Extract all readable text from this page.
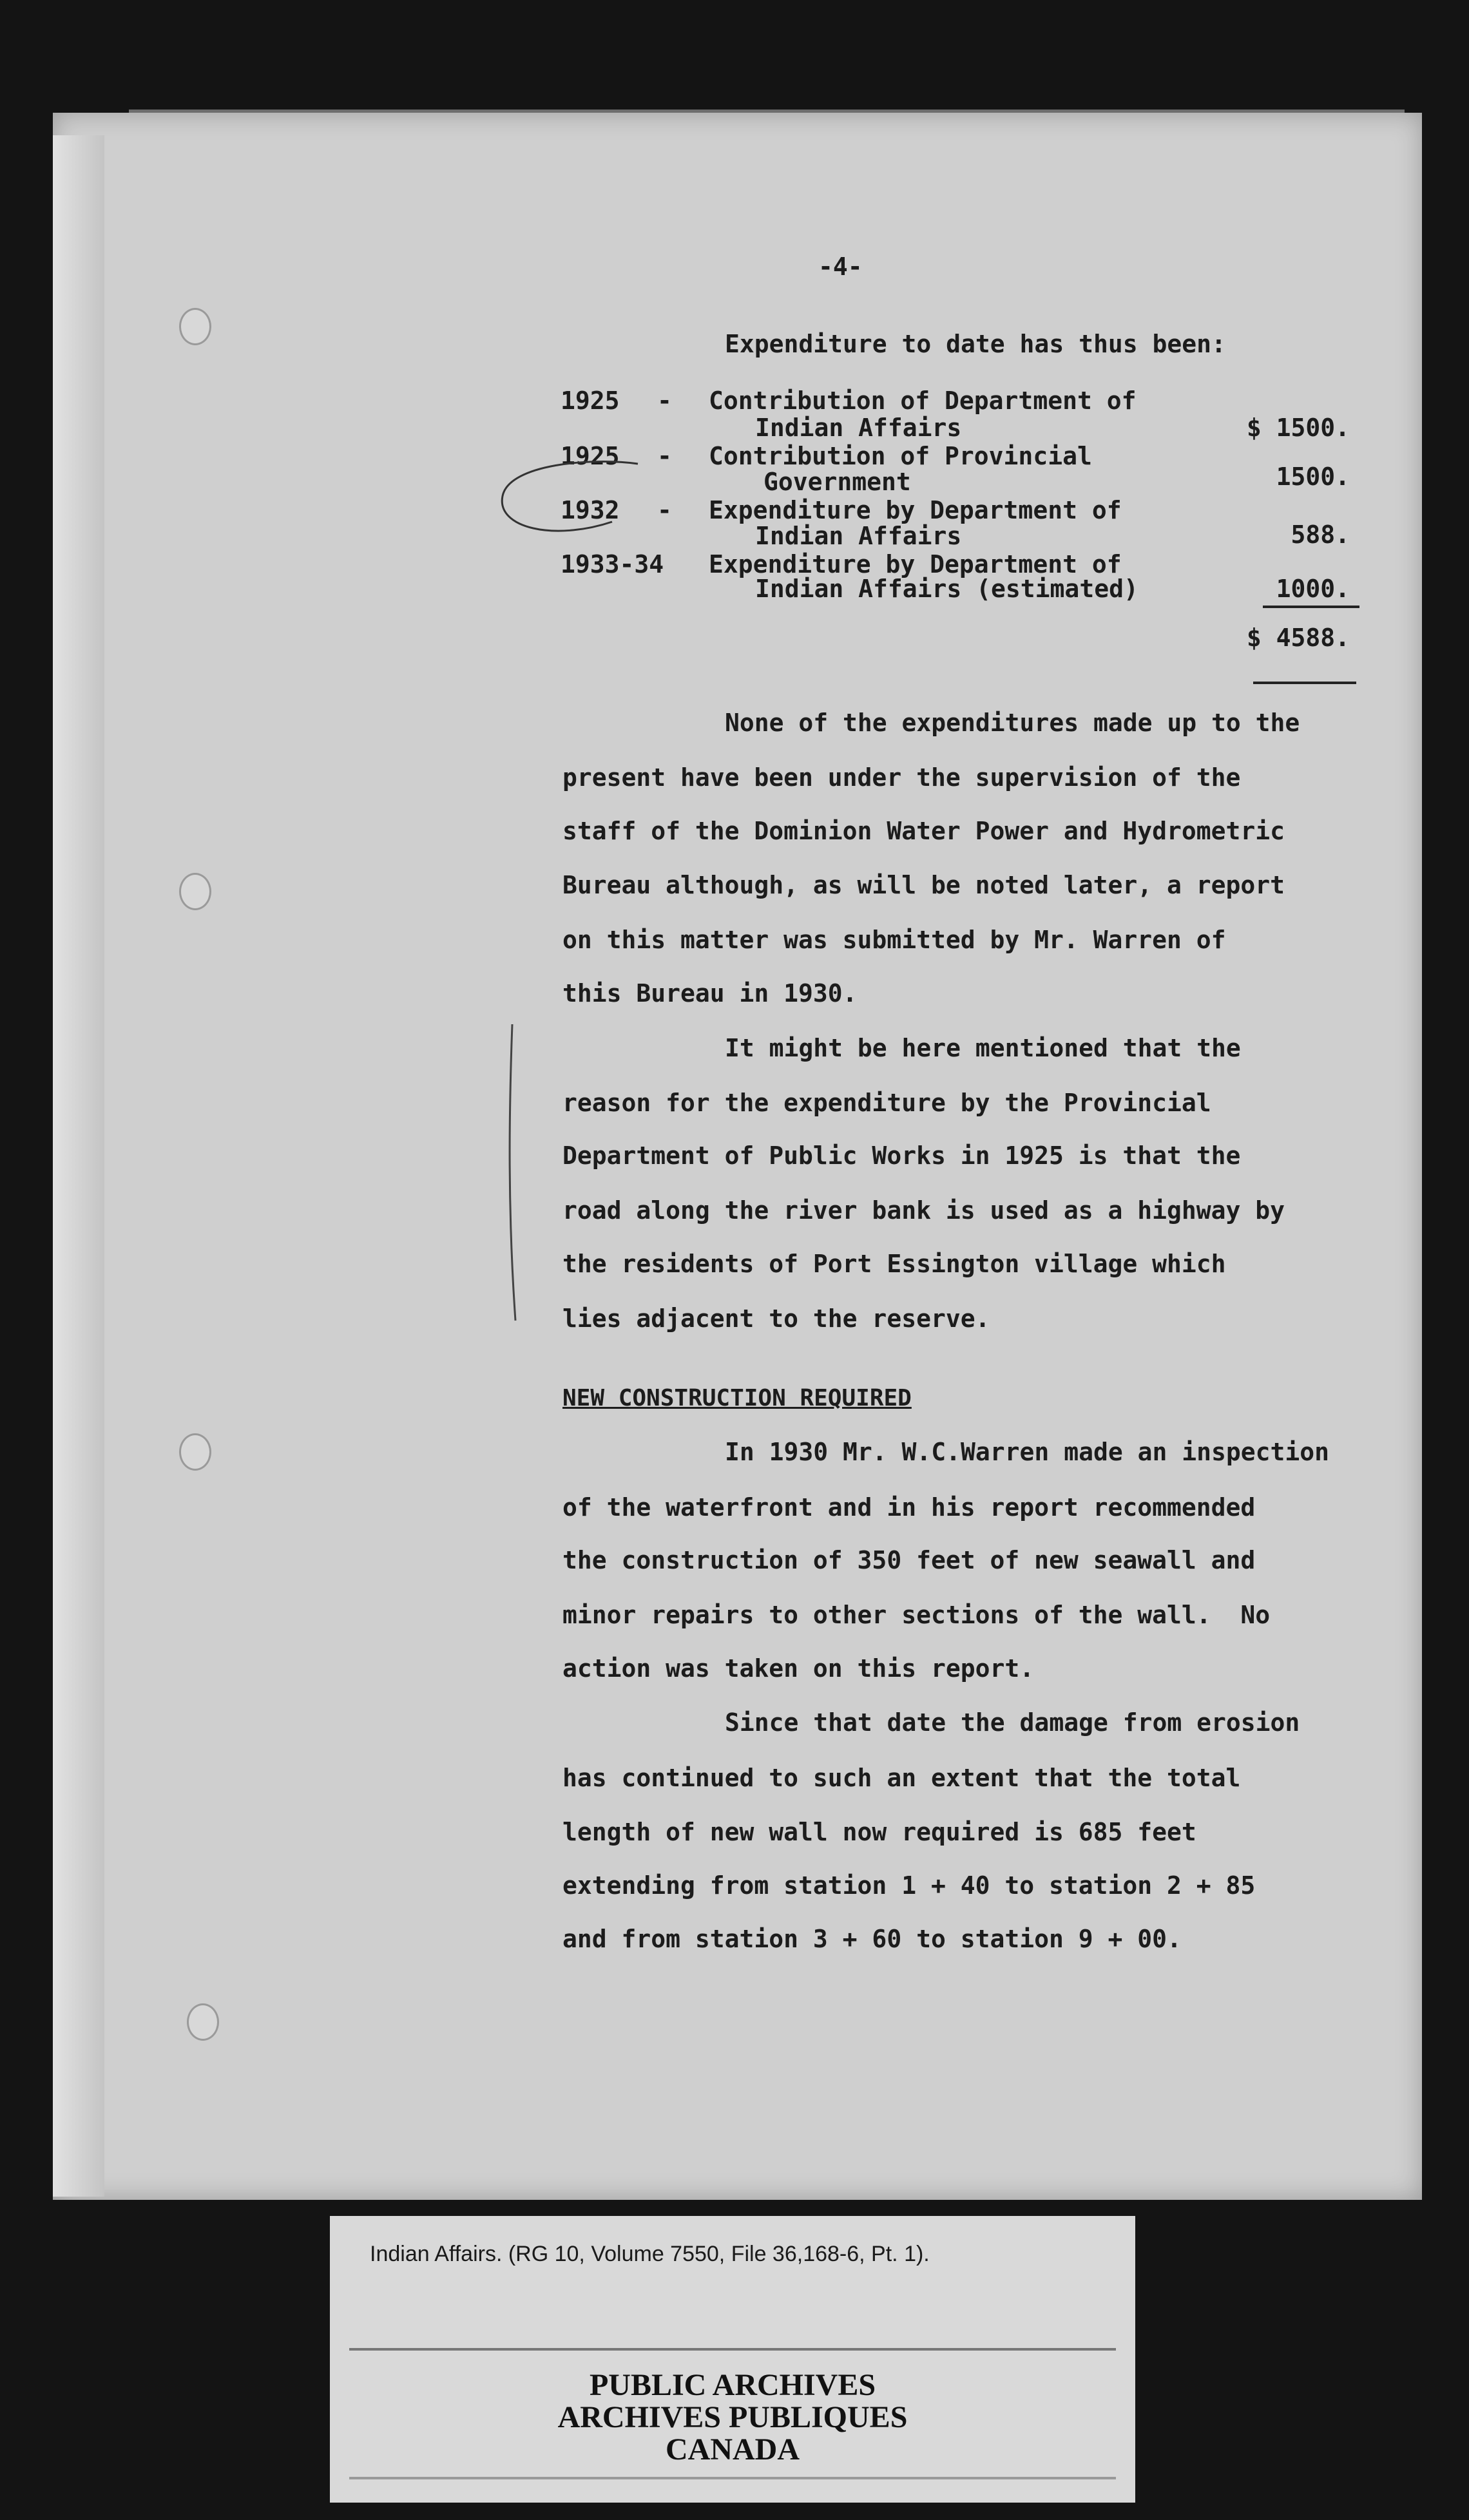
-4-
Expenditure to date has thus been:
1925 - Contribution of Department of
Indian Affairs	$ 1500.
1925 - Contribution of Provincial
Government	1500.
1932 - Expenditure by Department of
Indian Affairs	588.
1933-34 Expenditure by Department of
Indian Affairs (estimated)	1000.
$ 4588.
None of the expenditures made up to the
present have been under the supervision of the
staff of the Dominion Water Power and Hydrometric
Bureau although, as will be noted later, a report
on this matter was submitted by Mr. Warren of
this Bureau in 1930.
It might be here mentioned that the
reason for the expenditure by the Provincial
Department of Public Works in 1925 is that the
road along the river bank is used as a highway by
the residents of Port Essington village which
lies adjacent to the reserve.
NEW CONSTRUCTION REQUIRED
In 1930 Mr. W.C.Warren made an inspection
of the waterfront and in his report recommended
the construction of 350 feet of new seawall and
minor repairs to other sections of the wall.  No
action was taken on this report.
Since that date the damage from erosion
has continued to such an extent that the total
length of new wall now required is 685 feet
extending from station 1 + 40 to station 2 + 85
and from station 3 + 60 to station 9 + 00.
Indian Affairs. (RG 10, Volume 7550, File 36,168-6, Pt. 1).
PUBLIC ARCHIVES
ARCHIVES PUBLIQUES
CANADA
